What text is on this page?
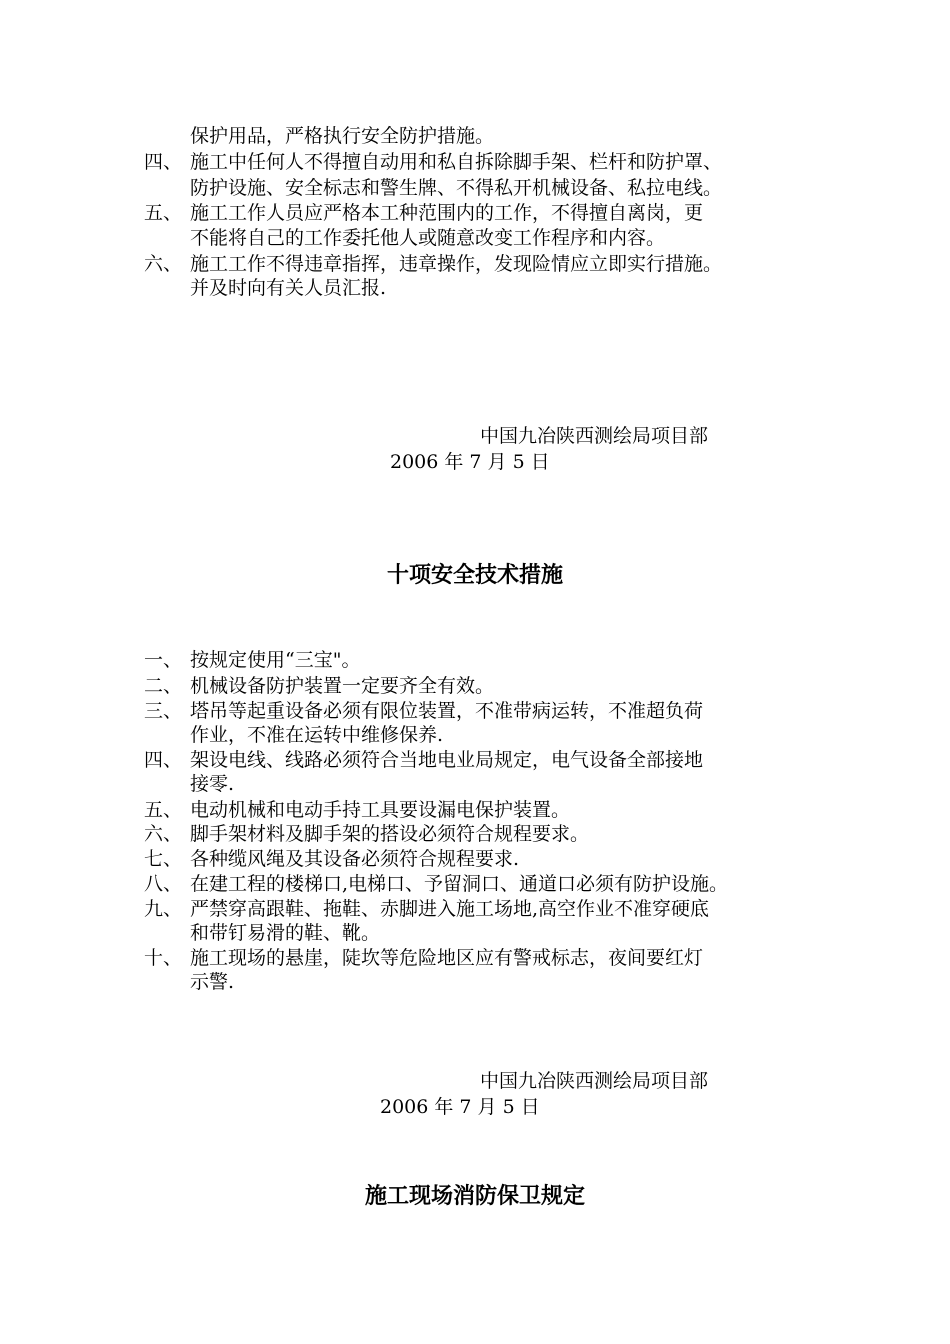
保护用品，严格执行安全防护措施。
四、 施工中任何人不得擅自动用和私自拆除脚手架、栏杆和防护罩、
防护设施、安全标志和警生牌、不得私开机械设备、私拉电线。
五、 施工工作人员应严格本工种范围内的工作，不得擅自离岗，更
不能将自己的工作委托他人或随意改变工作程序和内容。
六、 施工工作不得违章指挥，违章操作，发现险情应立即实行措施。
并及时向有关人员汇报.
中国九冶陕西测绘局项目部
2006 年 7 月 5 日
十项安全技术措施
一、 按规定使用“三宝"。
二、 机械设备防护装置一定要齐全有效。
三、 塔吊等起重设备必须有限位装置，不准带病运转，不准超负荷
作业，不准在运转中维修保养.
四、 架设电线、线路必须符合当地电业局规定，电气设备全部接地
接零.
五、 电动机械和电动手持工具要设漏电保护装置。
六、 脚手架材料及脚手架的搭设必须符合规程要求。
七、 各种缆风绳及其设备必须符合规程要求.
八、 在建工程的楼梯口,电梯口、予留洞口、通道口必须有防护设施。
九、 严禁穿高跟鞋、拖鞋、赤脚进入施工场地,高空作业不准穿硬底
和带钉易滑的鞋、靴。
十、 施工现场的悬崖，陡坎等危险地区应有警戒标志，夜间要红灯
示警.
中国九冶陕西测绘局项目部
2006 年 7 月 5 日
施工现场消防保卫规定
